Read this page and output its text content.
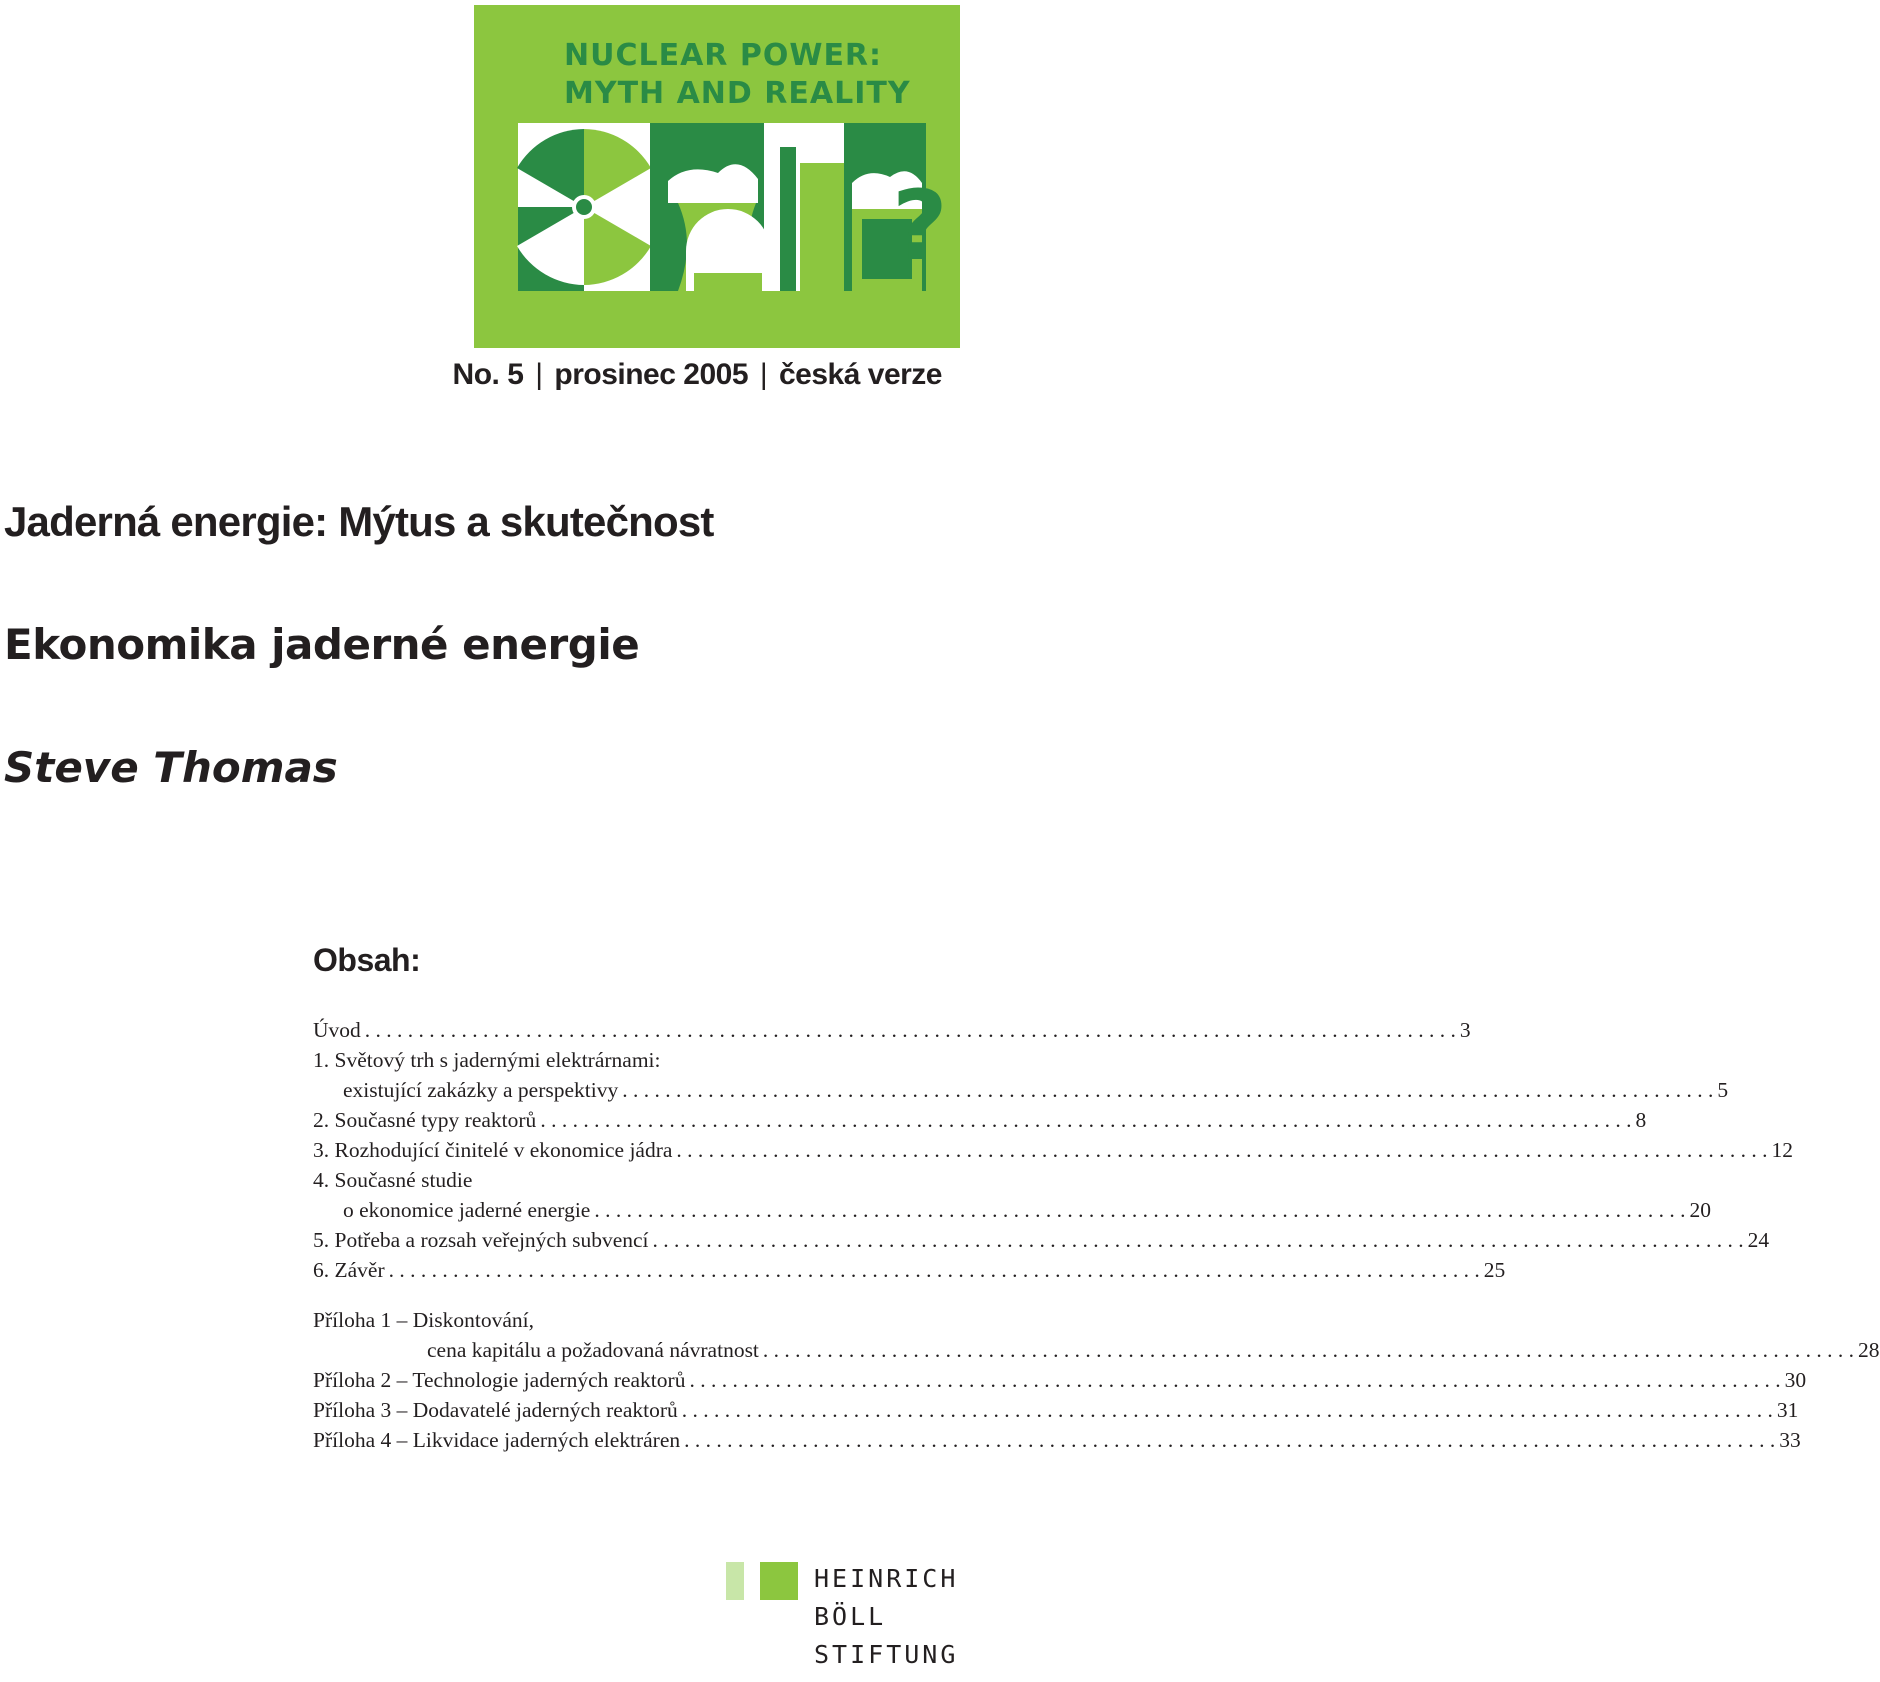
NUCLEAR POWER:
MYTH AND REALITY
?
No. 5 | prosinec 2005 | česká verze
Jaderná energie: Mýtus a skutečnost
Ekonomika jaderné energie
Steve Thomas
Obsah:
Úvod . . .	3
1. Světový trh s jadernými elektrárnami:
existující zakázky a perspektivy . . .	5
2. Současné typy reaktorů . . .	8
3. Rozhodující činitelé v ekonomice jádra . . .	12
4. Současné studie
o ekonomice jaderné energie . . .	20
5. Potřeba a rozsah veřejných subvencí . . .	24
6. Závěr . . .	25
Příloha 1 – Diskontování,
cena kapitálu a požadovaná návratnost . . .	28
Příloha 2 – Technologie jaderných reaktorů . . .	30
Příloha 3 – Dodavatelé jaderných reaktorů . . .	31
Příloha 4 – Likvidace jaderných elektráren . . .	33

HEINRICH
BÖLL
STIFTUNG
